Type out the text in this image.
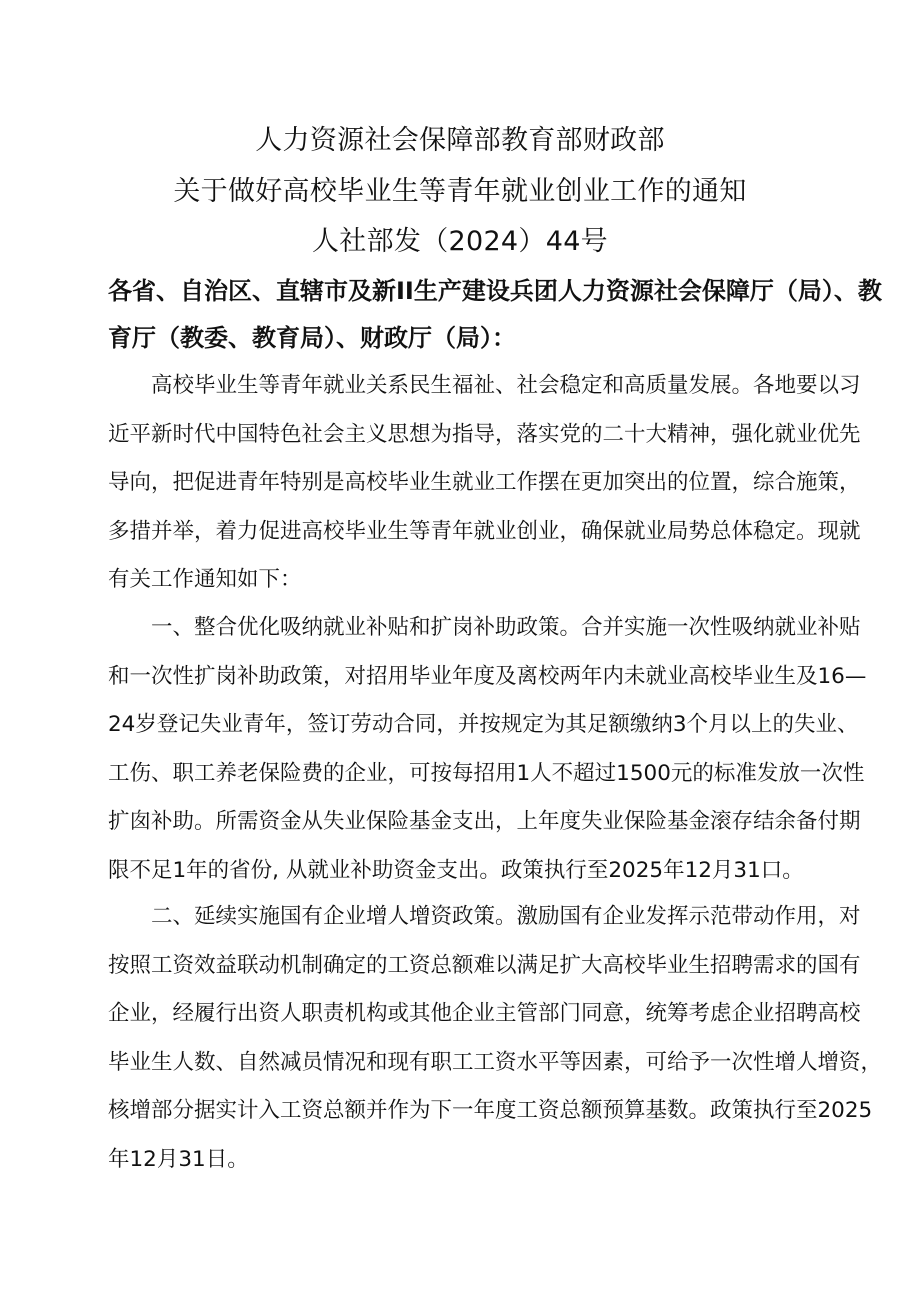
人力资源社会保障部教育部财政部
关于做好高校毕业生等青年就业创业工作的通知
人社部发（2024）44号
各省、自治区、直辖市及新II生产建设兵团人力资源社会保障厅（局）、教
育厅（教委、教育局）、财政厅（局）：
高校毕业生等青年就业关系民生福祉、社会稳定和高质量发展。各地要以习
近平新时代中国特色社会主义思想为指导，落实党的二十大精神，强化就业优先
导向，把促进青年特别是高校毕业生就业工作摆在更加突出的位置，综合施策，
多措并举，着力促进高校毕业生等青年就业创业，确保就业局势总体稳定。现就
有关工作通知如下：
一、整合优化吸纳就业补贴和扩岗补助政策。合并实施一次性吸纳就业补贴
和一次性扩岗补助政策，对招用毕业年度及离校两年内未就业高校毕业生及16—
24岁登记失业青年，签订劳动合同，并按规定为其足额缴纳3个月以上的失业、
工伤、职工养老保险费的企业，可按每招用1人不超过1500元的标准发放一次性
扩囱补助。所需资金从失业保险基金支出，上年度失业保险基金滚存结余备付期
限不足1年的省份, 从就业补助资金支出。政策执行至2025年12月31口。
二、延续实施国有企业增人增资政策。激励国有企业发挥示范带动作用，对
按照工资效益联动机制确定的工资总额难以满足扩大高校毕业生招聘需求的国有
企业，经履行出资人职责机构或其他企业主管部门同意，统筹考虑企业招聘高校
毕业生人数、自然减员情况和现有职工工资水平等因素，可给予一次性增人增资，
核增部分据实计入工资总额并作为下一年度工资总额预算基数。政策执行至2025
年12月31日。
